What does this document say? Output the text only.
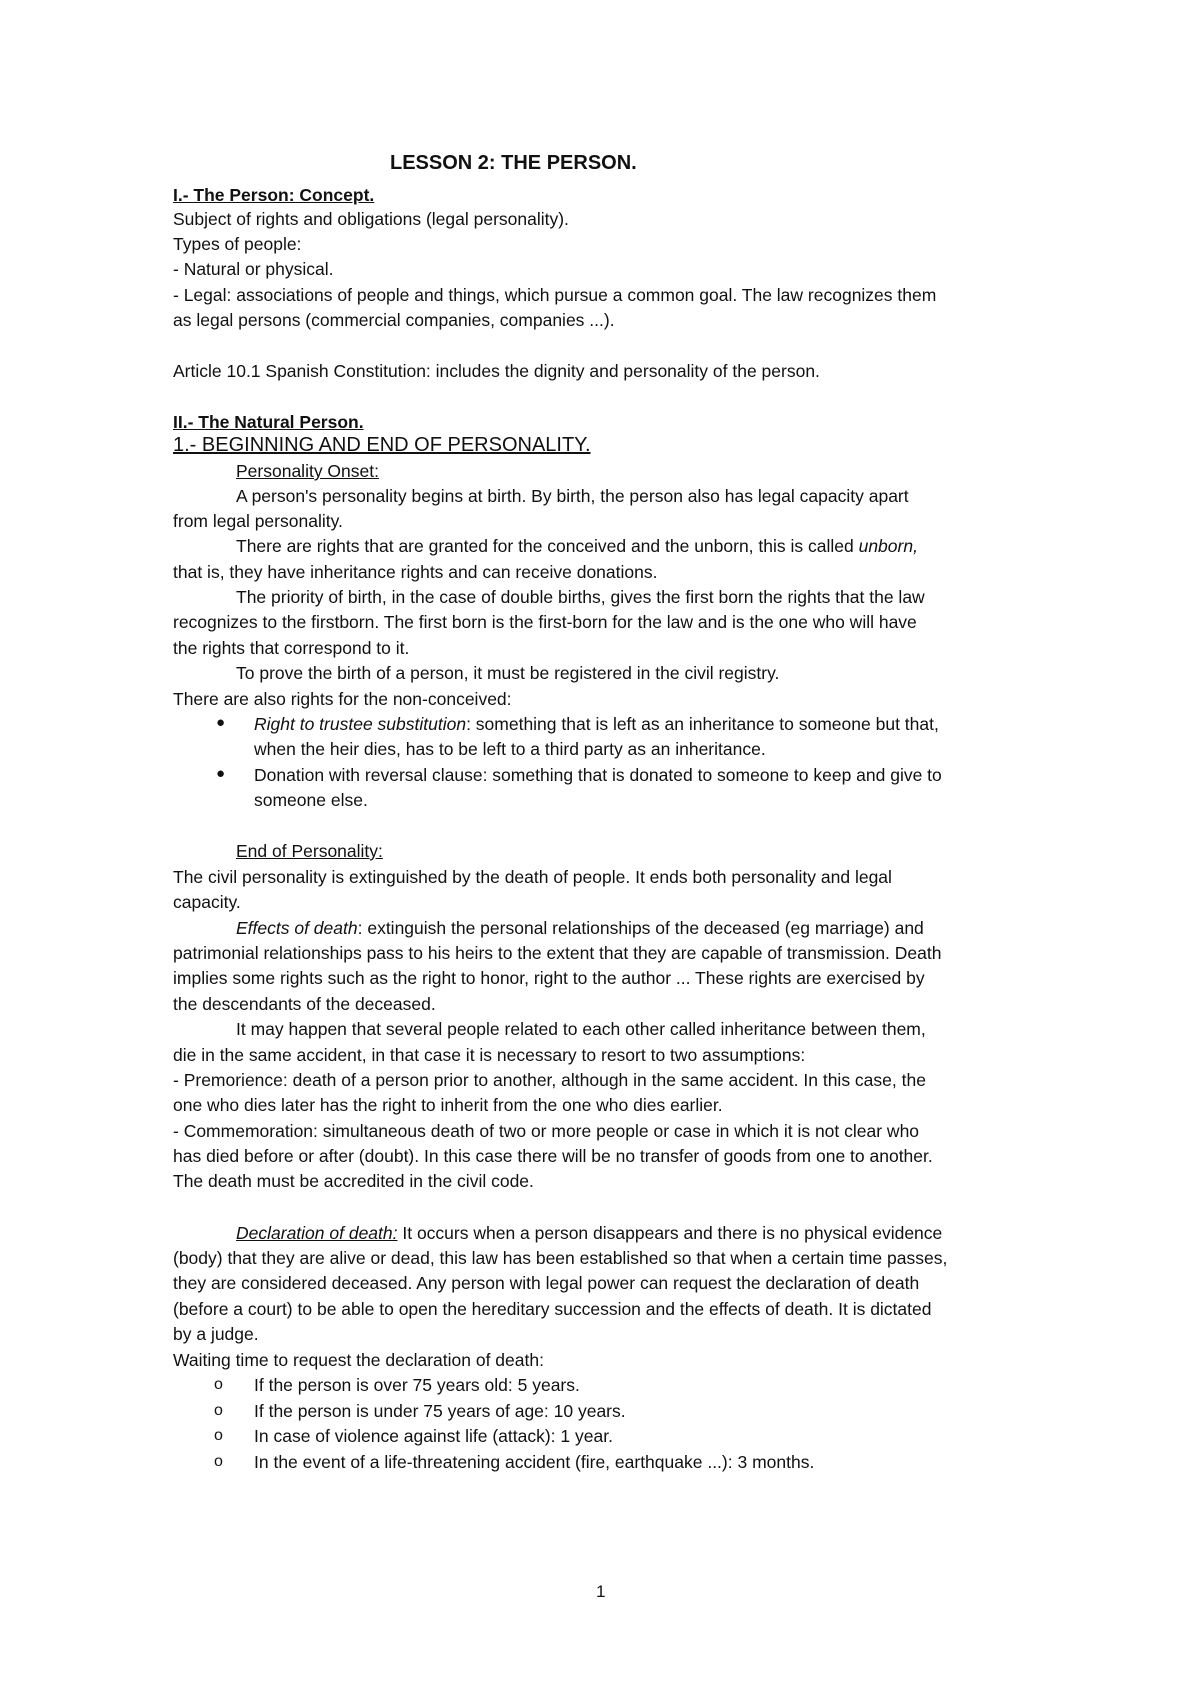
LESSON 2: THE PERSON.
I.- The Person: Concept.
Subject of rights and obligations (legal personality).
Types of people:
- Natural or physical.
- Legal: associations of people and things, which pursue a common goal. The law recognizes them
as legal persons (commercial companies, companies ...).
Article 10.1 Spanish Constitution: includes the dignity and personality of the person.
II.- The Natural Person.
1.- BEGINNING AND END OF PERSONALITY.
Personality Onset:
A person's personality begins at birth. By birth, the person also has legal capacity apart
from legal personality.
There are rights that are granted for the conceived and the unborn, this is called unborn,
that is, they have inheritance rights and can receive donations.
The priority of birth, in the case of double births, gives the first born the rights that the law
recognizes to the firstborn. The first born is the first-born for the law and is the one who will have
the rights that correspond to it.
To prove the birth of a person, it must be registered in the civil registry.
There are also rights for the non-conceived:
● Right to trustee substitution: something that is left as an inheritance to someone but that,
when the heir dies, has to be left to a third party as an inheritance.
● Donation with reversal clause: something that is donated to someone to keep and give to
someone else.
End of Personality:
The civil personality is extinguished by the death of people. It ends both personality and legal
capacity.
Effects of death: extinguish the personal relationships of the deceased (eg marriage) and
patrimonial relationships pass to his heirs to the extent that they are capable of transmission. Death
implies some rights such as the right to honor, right to the author ... These rights are exercised by
the descendants of the deceased.
It may happen that several people related to each other called inheritance between them,
die in the same accident, in that case it is necessary to resort to two assumptions:
- Premorience: death of a person prior to another, although in the same accident. In this case, the
one who dies later has the right to inherit from the one who dies earlier.
- Commemoration: simultaneous death of two or more people or case in which it is not clear who
has died before or after (doubt). In this case there will be no transfer of goods from one to another.
The death must be accredited in the civil code.
Declaration of death: It occurs when a person disappears and there is no physical evidence
(body) that they are alive or dead, this law has been established so that when a certain time passes,
they are considered deceased. Any person with legal power can request the declaration of death
(before a court) to be able to open the hereditary succession and the effects of death. It is dictated
by a judge.
Waiting time to request the declaration of death:
o If the person is over 75 years old: 5 years.
o If the person is under 75 years of age: 10 years.
o In case of violence against life (attack): 1 year.
o In the event of a life-threatening accident (fire, earthquake ...): 3 months.
1
